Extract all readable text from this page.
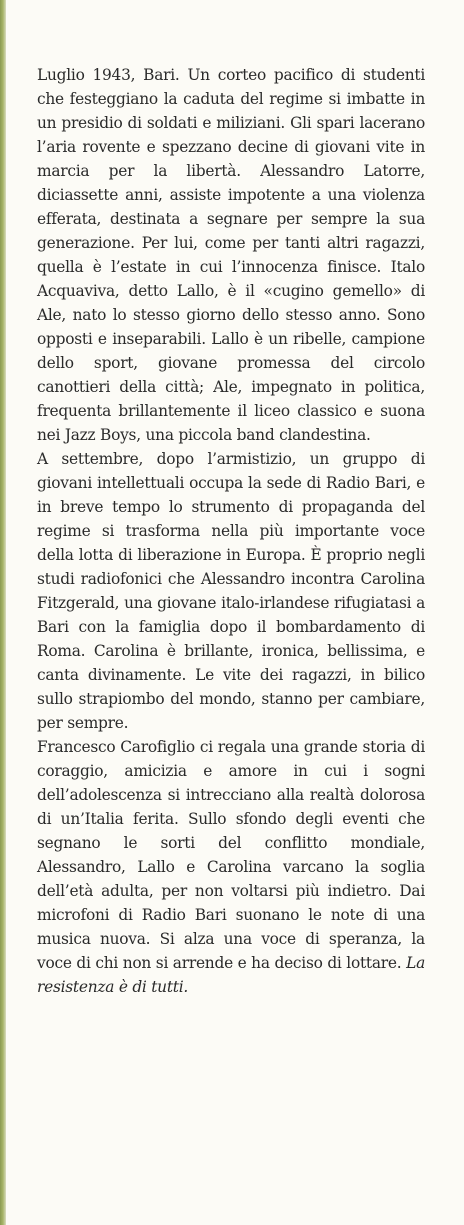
Luglio 1943, Bari. Un corteo pacifico di studenti che festeggiano la caduta del regime si imbatte in un presidio di soldati e miliziani. Gli spari lacerano l’aria rovente e spezzano decine di giovani vite in marcia per la libertà. Alessandro Latorre, diciassette anni, assiste impotente a una violenza efferata, destinata a segnare per sempre la sua generazione. Per lui, come per tanti altri ragazzi, quella è l’estate in cui l’innocenza finisce. Italo Acquaviva, detto Lallo, è il «cugino gemello» di Ale, nato lo stesso giorno dello stesso anno. Sono opposti e inseparabili. Lallo è un ribelle, campione dello sport, giovane promessa del circolo canottieri della città; Ale, impegnato in politica, frequenta brillantemente il liceo classico e suona nei Jazz Boys, una piccola band clandestina.

A settembre, dopo l’armistizio, un gruppo di giovani intellettuali occupa la sede di Radio Bari, e in breve tempo lo strumento di propaganda del regime si trasforma nella più importante voce della lotta di liberazione in Europa. È proprio negli studi radiofonici che Alessandro incontra Carolina Fitzgerald, una giovane italo-irlandese rifugiatasi a Bari con la famiglia dopo il bombardamento di Roma. Carolina è brillante, ironica, bellissima, e canta divinamente. Le vite dei ragazzi, in bilico sullo strapiombo del mondo, stanno per cambiare, per sempre.

Francesco Carofiglio ci regala una grande storia di coraggio, amicizia e amore in cui i sogni dell’adolescenza si intrecciano alla realtà dolorosa di un’Italia ferita. Sullo sfondo degli eventi che segnano le sorti del conflitto mondiale, Alessandro, Lallo e Carolina varcano la soglia dell’età adulta, per non voltarsi più indietro. Dai microfoni di Radio Bari suonano le note di una musica nuova. Si alza una voce di speranza, la voce di chi non si arrende e ha deciso di lottare. La resistenza è di tutti.
